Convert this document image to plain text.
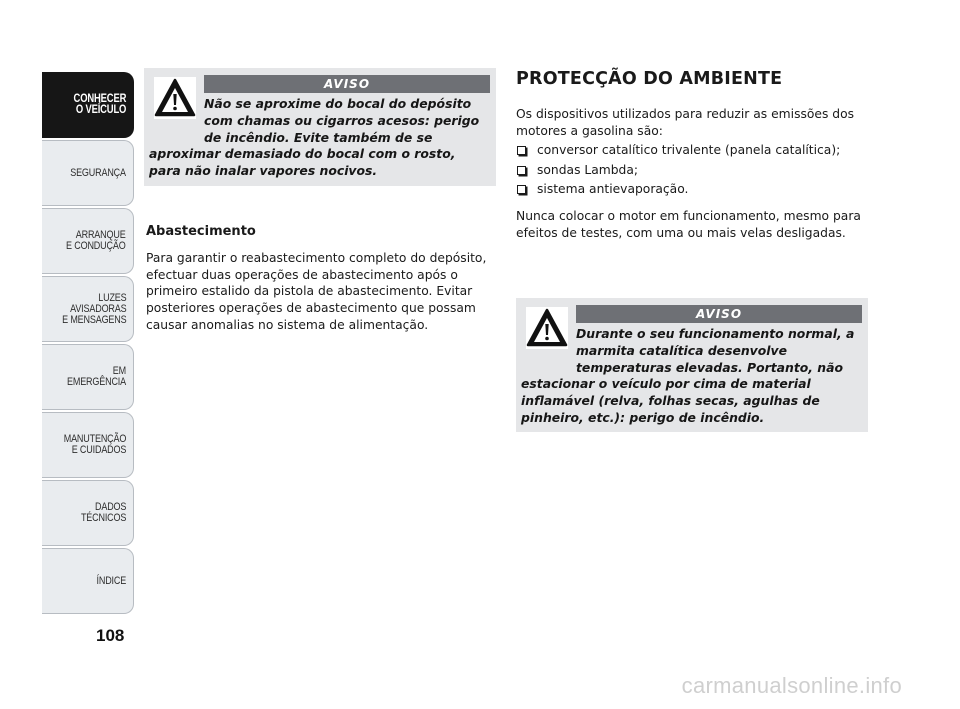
CONHECER
O VEÍCULO
SEGURANÇA
ARRANQUE
E CONDUÇÃO
LUZES
AVISADORAS
E MENSAGENS
EM EMERGÊNCIA
MANUTENÇÃO
E CUIDADOS
DADOS
TÉCNICOS
ÍNDICE
108
AVISO
Não se aproxime do bocal do depósito com chamas ou cigarros acesos: perigo de incêndio. Evite também de se aproximar demasiado do bocal com o rosto, para não inalar vapores nocivos.
Abastecimento

Para garantir o reabastecimento completo do depósito, efectuar duas operações de abastecimento após o primeiro estalido da pistola de abastecimento. Evitar posteriores operações de abastecimento que possam causar anomalias no sistema de alimentação.

PROTECÇÃO DO AMBIENTE

Os dispositivos utilizados para reduzir as emissões dos motores a gasolina são:

conversor catalítico trivalente (panela catalítica);
sondas Lambda;
sistema antievaporação.

Nunca colocar o motor em funcionamento, mesmo para efeitos de testes, com uma ou mais velas desligadas.

AVISO
Durante o seu funcionamento normal, a marmita catalítica desenvolve temperaturas elevadas. Portanto, não estacionar o veículo por cima de material inflamável (relva, folhas secas, agulhas de pinheiro, etc.): perigo de incêndio.
carmanualsonline.info
